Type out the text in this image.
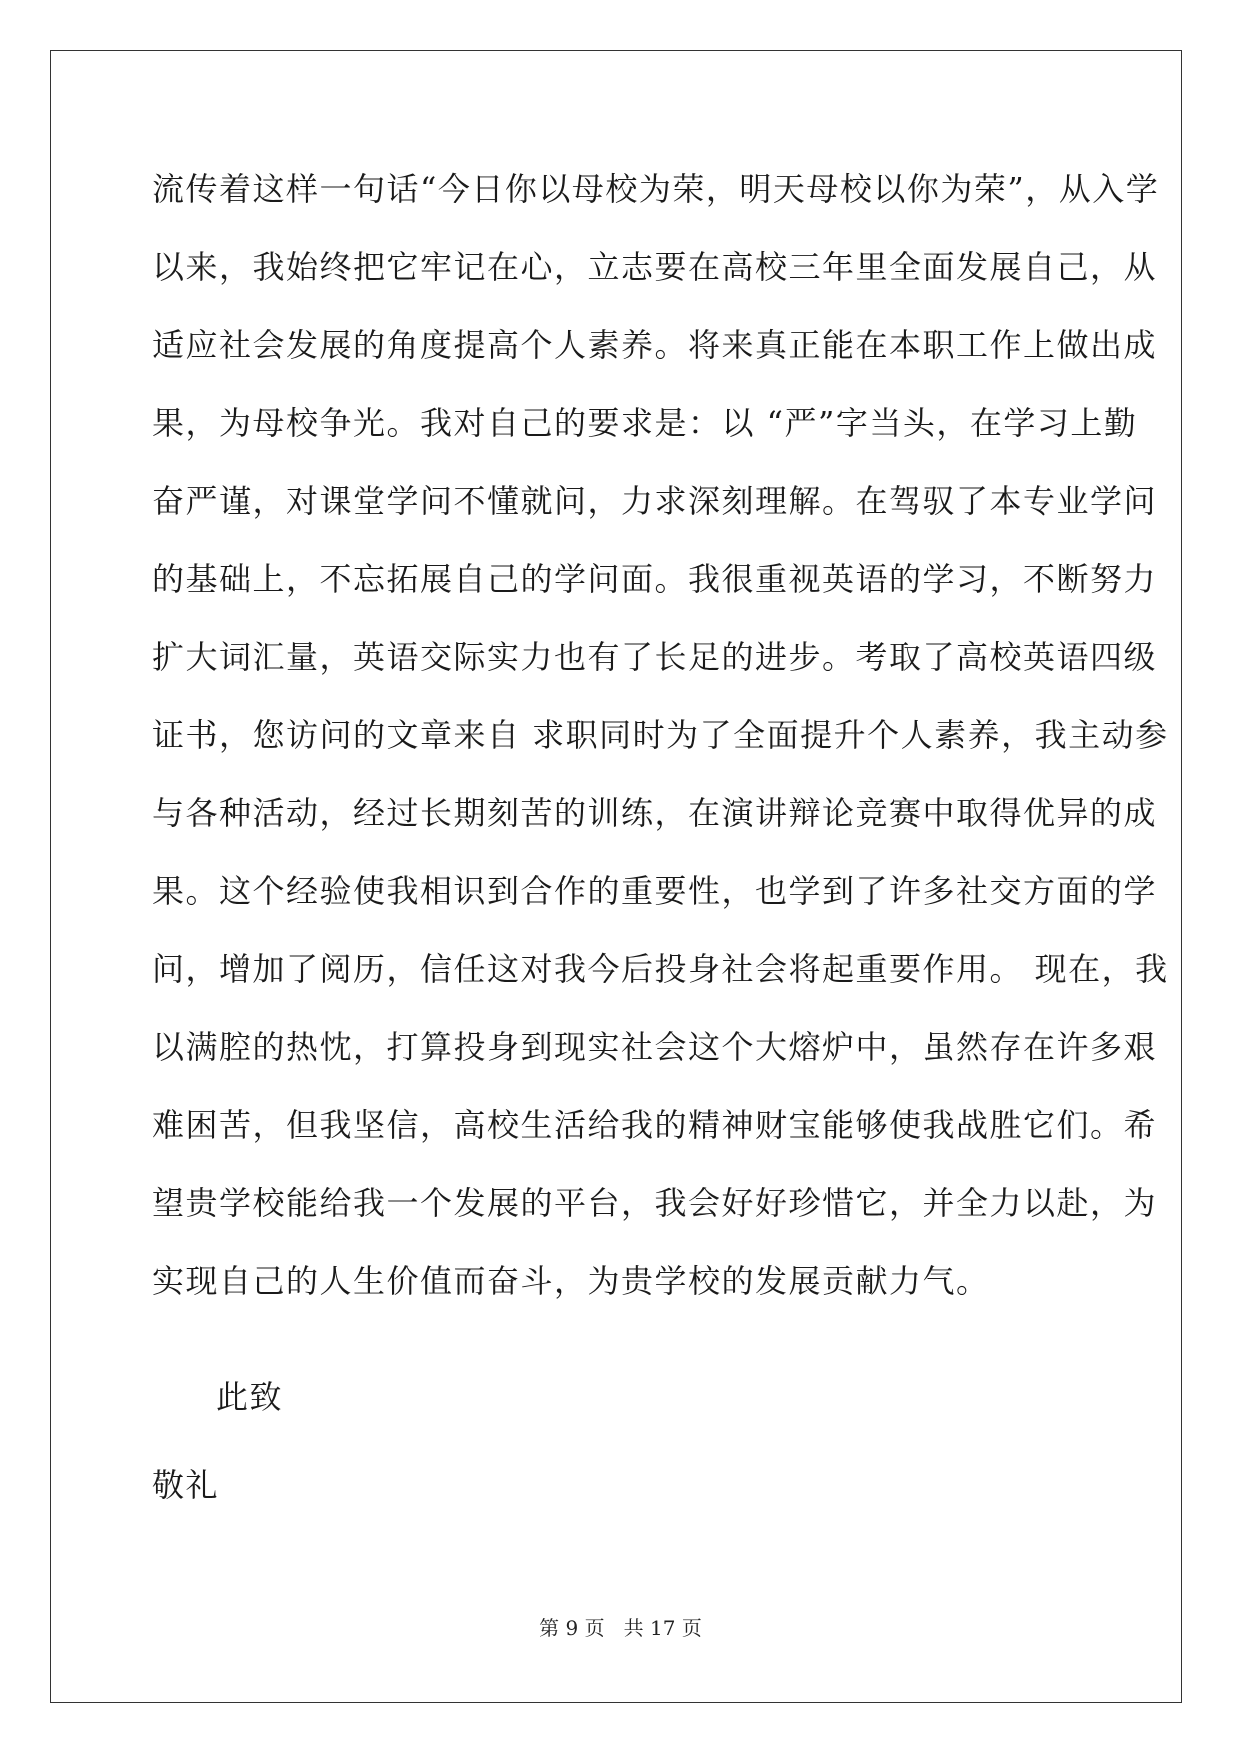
流传着这样一句话“今日你以母校为荣，明天母校以你为荣”，从入学
以来，我始终把它牢记在心，立志要在高校三年里全面发展自己，从
适应社会发展的角度提高个人素养。将来真正能在本职工作上做出成
果，为母校争光。我对自己的要求是：以 “严”字当头，在学习上勤
奋严谨，对课堂学问不懂就问，力求深刻理解。在驾驭了本专业学问
的基础上，不忘拓展自己的学问面。我很重视英语的学习，不断努力
扩大词汇量，英语交际实力也有了长足的进步。考取了高校英语四级
证书，您访问的文章来自 求职同时为了全面提升个人素养，我主动参
与各种活动，经过长期刻苦的训练，在演讲辩论竞赛中取得优异的成
果。这个经验使我相识到合作的重要性，也学到了许多社交方面的学
问，增加了阅历，信任这对我今后投身社会将起重要作用。 现在，我
以满腔的热忱，打算投身到现实社会这个大熔炉中，虽然存在许多艰
难困苦，但我坚信，高校生活给我的精神财宝能够使我战胜它们。希
望贵学校能给我一个发展的平台，我会好好珍惜它，并全力以赴，为
实现自己的人生价值而奋斗，为贵学校的发展贡献力气。
此致
敬礼
第 9 页 共 17 页
